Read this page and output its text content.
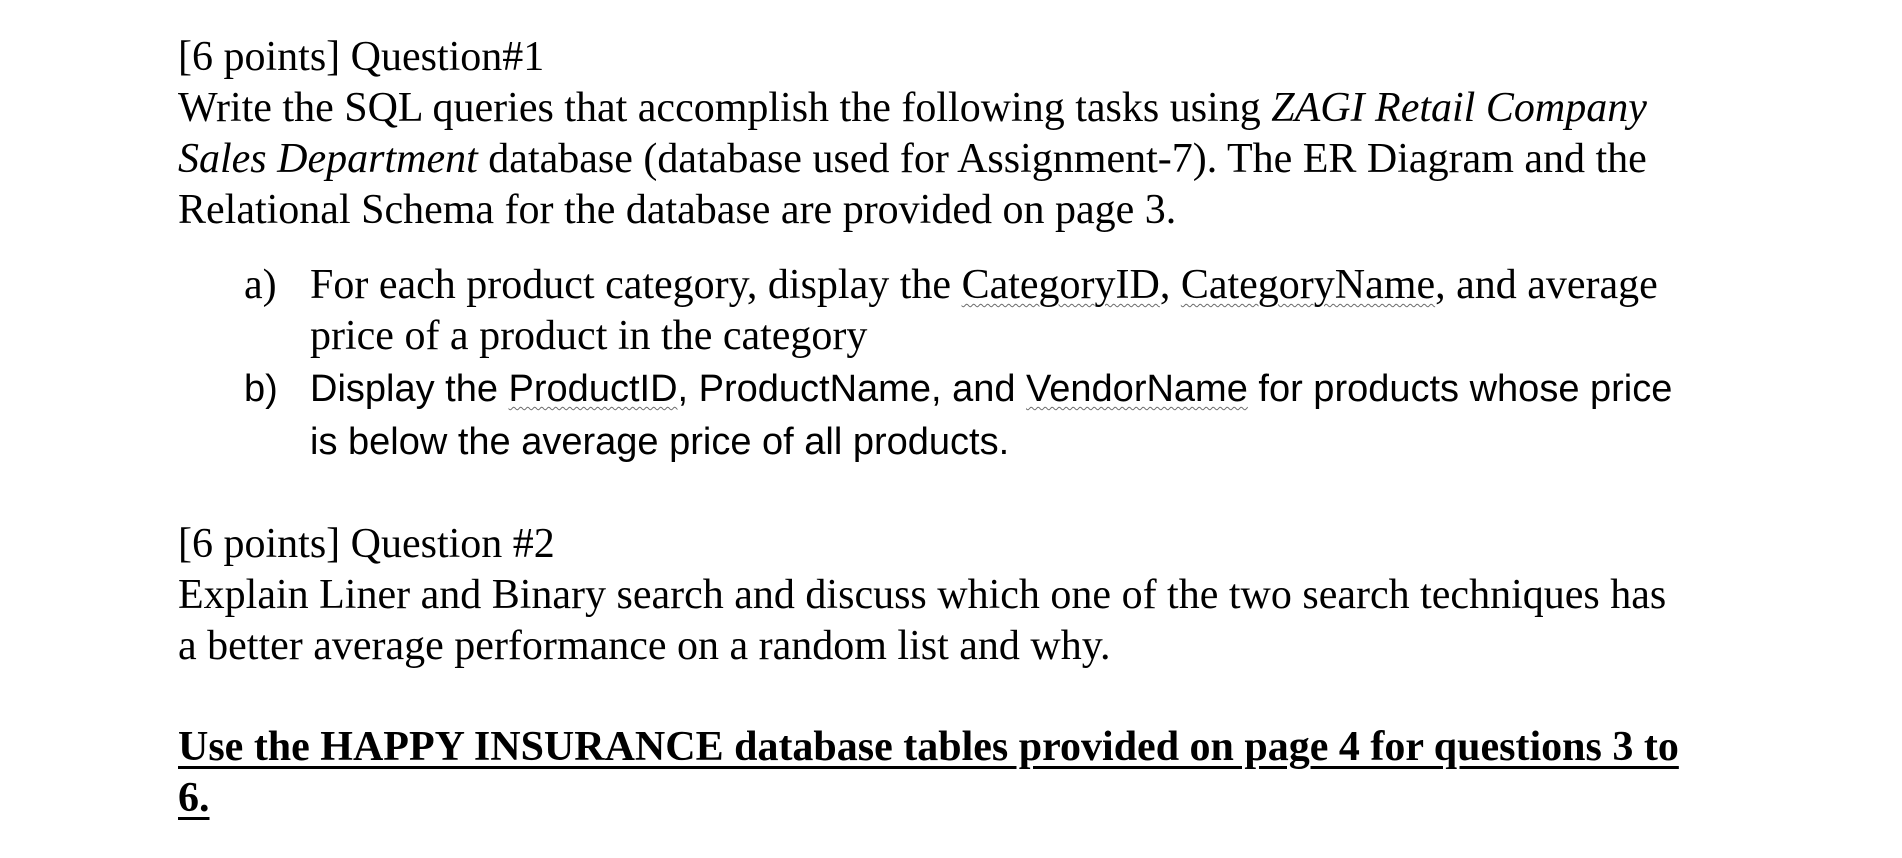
[6 points] Question#1
Write the SQL queries that accomplish the following tasks using ZAGI Retail Company
Sales Department database (database used for Assignment-7). The ER Diagram and the
Relational Schema for the database are provided on page 3.
a) For each product category, display the CategoryID, CategoryName, and average
price of a product in the category
b) Display the ProductID, ProductName, and VendorName for products whose price
is below the average price of all products.
[6 points] Question #2
Explain Liner and Binary search and discuss which one of the two search techniques has
a better average performance on a random list and why.
Use the HAPPY INSURANCE database tables provided on page 4 for questions 3 to
6.
